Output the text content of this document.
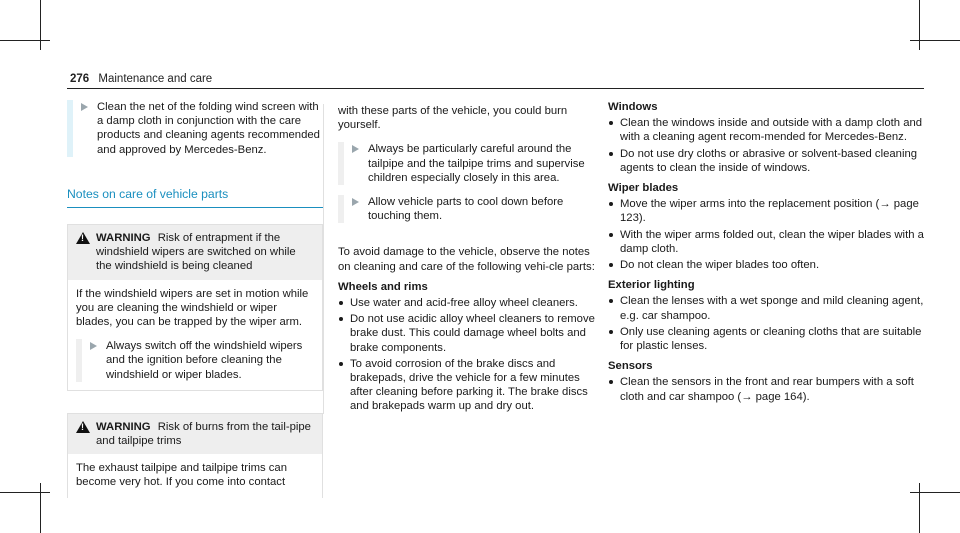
276 Maintenance and care
Clean the net of the folding wind screen with a damp cloth in conjunction with the care products and cleaning agents recommended and approved by Mercedes-Benz.
Notes on care of vehicle parts
!
WARNING Risk of entrapment if the windshield wipers are switched on while the windshield is being cleaned
If the windshield wipers are set in motion while you are cleaning the windshield or wiper blades, you can be trapped by the wiper arm.
Always switch off the windshield wipers and the ignition before cleaning the windshield or wiper blades.
!
WARNING Risk of burns from the tail-pipe and tailpipe trims
The exhaust tailpipe and tailpipe trims can become very hot. If you come into contact
with these parts of the vehicle, you could burn yourself.
Always be particularly careful around the tailpipe and the tailpipe trims and supervise children especially closely in this area.
Allow vehicle parts to cool down before touching them.
To avoid damage to the vehicle, observe the notes on cleaning and care of the following vehi-cle parts:
Wheels and rims
Use water and acid-free alloy wheel cleaners.
Do not use acidic alloy wheel cleaners to remove brake dust. This could damage wheel bolts and brake components.
To avoid corrosion of the brake discs and brakepads, drive the vehicle for a few minutes after cleaning before parking it. The brake discs and brakepads warm up and dry out.
Windows
Clean the windows inside and outside with a damp cloth and with a cleaning agent recom-mended for Mercedes-Benz.
Do not use dry cloths or abrasive or solvent-based cleaning agents to clean the inside of windows.
Wiper blades
Move the wiper arms into the replacement position (→ page 123).
With the wiper arms folded out, clean the wiper blades with a damp cloth.
Do not clean the wiper blades too often.
Exterior lighting
Clean the lenses with a wet sponge and mild cleaning agent, e.g. car shampoo.
Only use cleaning agents or cleaning cloths that are suitable for plastic lenses.
Sensors
Clean the sensors in the front and rear bumpers with a soft cloth and car shampoo (→ page 164).
